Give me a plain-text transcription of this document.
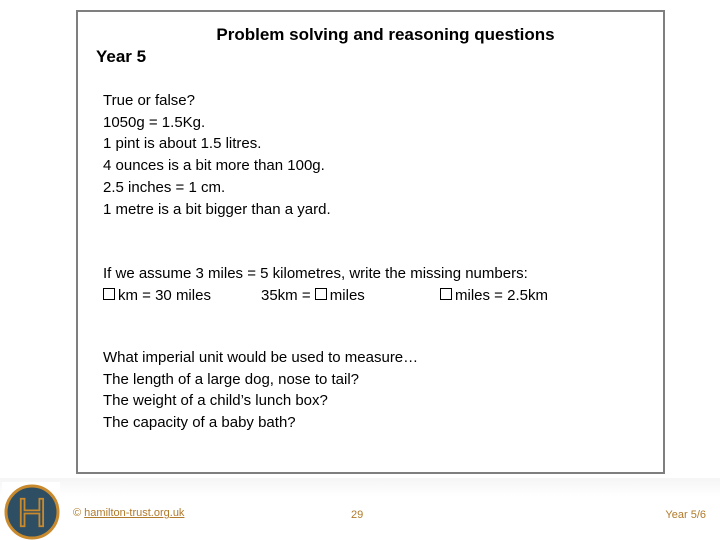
Problem solving and reasoning questions
Year 5
True or false?
1050g = 1.5Kg.
1 pint is about 1.5 litres.
4 ounces is a bit more than 100g.
2.5 inches = 1 cm.
1 metre is a bit bigger than a yard.
If we assume 3 miles = 5 kilometres, write the missing numbers:
km = 30 miles	35km = miles	miles = 2.5km
What imperial unit would be used to measure…
The length of a large dog, nose to tail?
The weight of a child’s lunch box?
The capacity of a baby bath?
H © hamilton-trust.org.uk	29	Year 5/6
